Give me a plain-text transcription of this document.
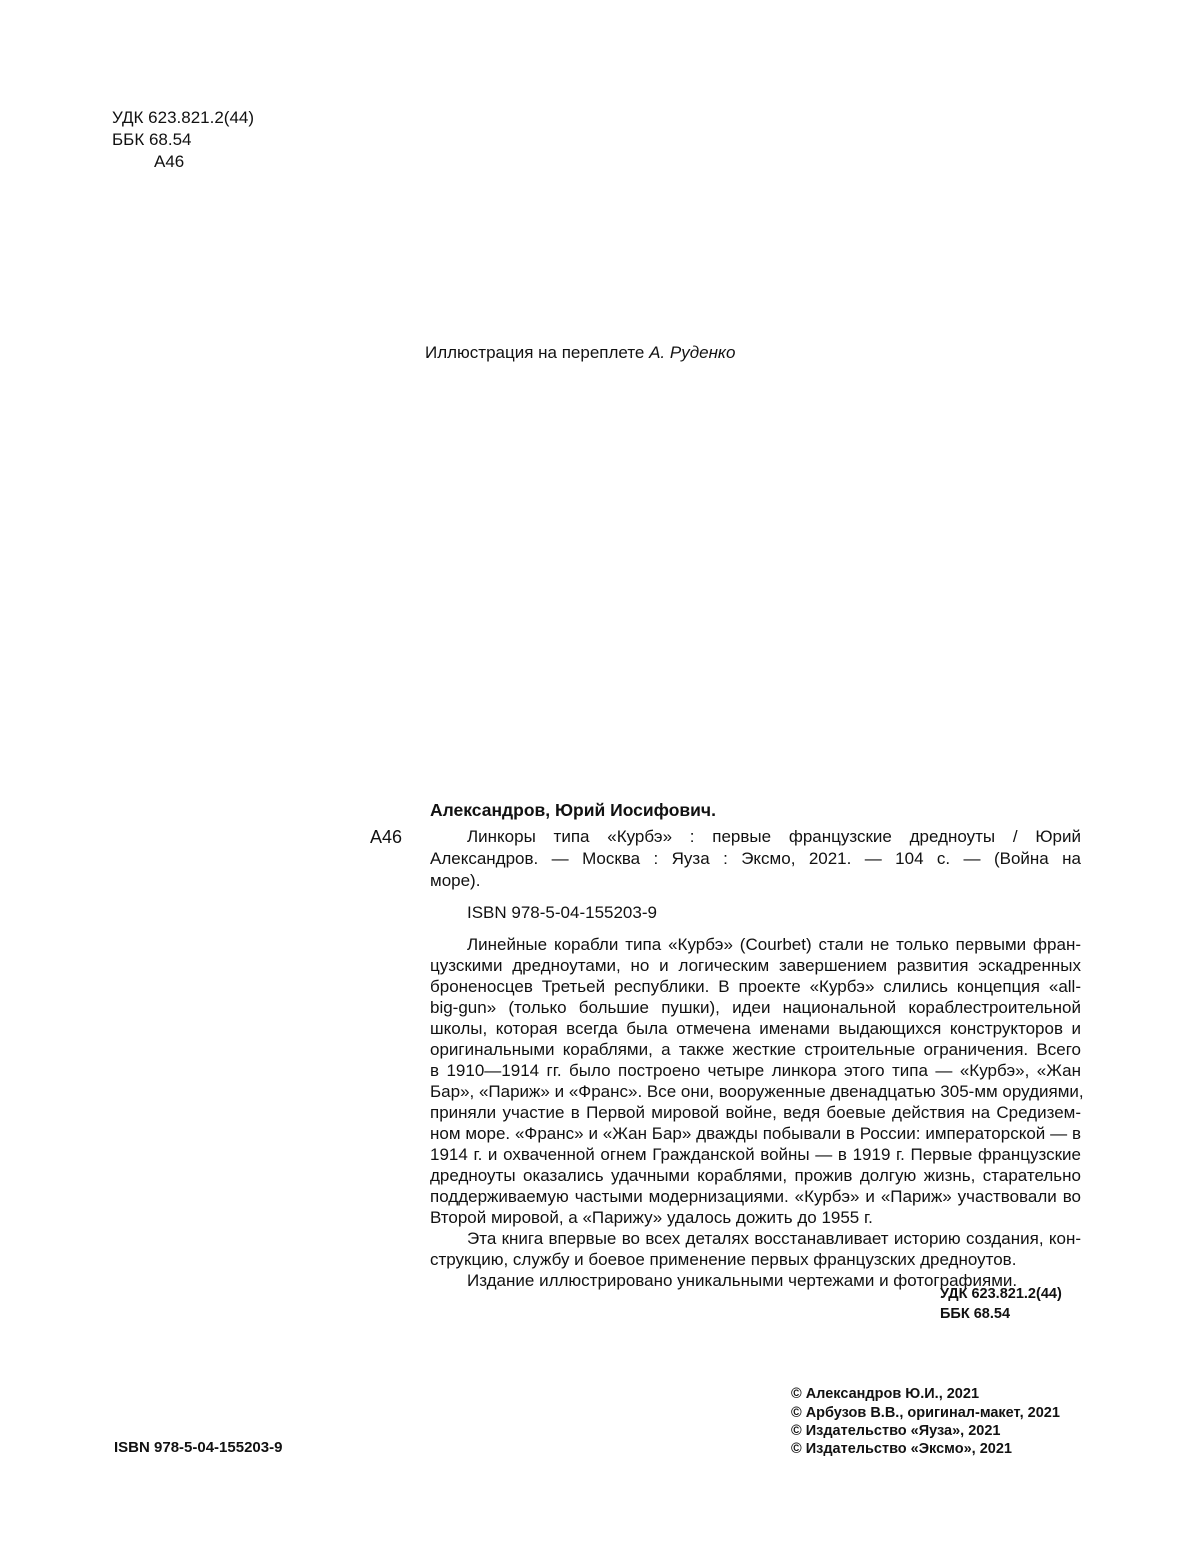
УДК 623.821.2(44)
ББК 68.54
А46
Иллюстрация на переплете А. Руденко
Александров, Юрий Иосифович.
А46	Линкоры типа «Курбэ» : первые французские дредноуты / Юрий
Александров. — Москва : Яуза : Эксмо, 2021. — 104 с. — (Война на
море).
ISBN 978-5-04-155203-9
Линейные корабли типа «Курбэ» (Courbet) стали не только первыми фран-
цузскими дредноутами, но и логическим завершением развития эскадренных
броненосцев Третьей республики. В проекте «Курбэ» слились концепция «all-
big-gun» (только большие пушки), идеи национальной кораблестроительной
школы, которая всегда была отмечена именами выдающихся конструкторов и
оригинальными кораблями, а также жесткие строительные ограничения. Всего
в 1910—1914 гг. было построено четыре линкора этого типа — «Курбэ», «Жан
Бар», «Париж» и «Франс». Все они, вооруженные двенадцатью 305-мм орудиями,
приняли участие в Первой мировой войне, ведя боевые действия на Средизем-
ном море. «Франс» и «Жан Бар» дважды побывали в России: императорской — в
1914 г. и охваченной огнем Гражданской войны — в 1919 г. Первые французские
дредноуты оказались удачными кораблями, прожив долгую жизнь, старательно
поддерживаемую частыми модернизациями. «Курбэ» и «Париж» участвовали во
Второй мировой, а «Парижу» удалось дожить до 1955 г.
Эта книга впервые во всех деталях восстанавливает историю создания, кон-
струкцию, службу и боевое применение первых французских дредноутов.
Издание иллюстрировано уникальными чертежами и фотографиями.
УДК 623.821.2(44)
ББК 68.54
© Александров Ю.И., 2021
© Арбузов В.В., оригинал-макет, 2021
© Издательство «Яуза», 2021
© Издательство «Эксмо», 2021
ISBN 978-5-04-155203-9
